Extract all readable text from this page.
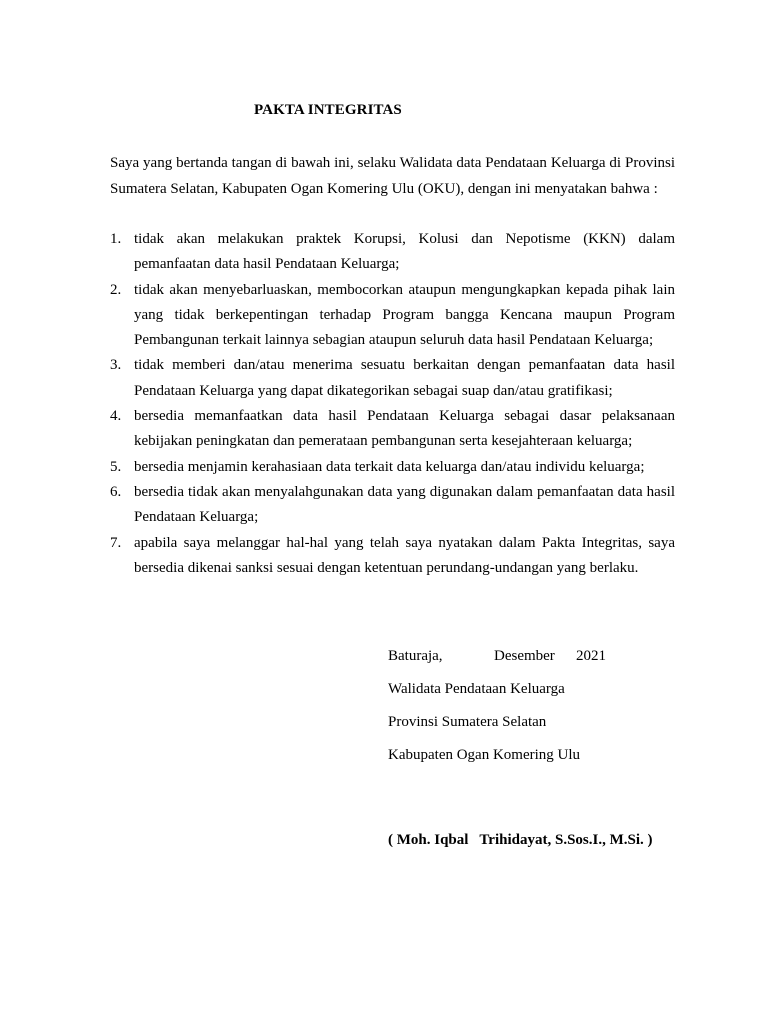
PAKTA INTEGRITAS
Saya yang bertanda tangan di bawah ini, selaku Walidata data Pendataan Keluarga di Provinsi Sumatera Selatan, Kabupaten Ogan Komering Ulu (OKU), dengan ini menyatakan bahwa :
1. tidak akan melakukan praktek Korupsi, Kolusi dan Nepotisme (KKN) dalam pemanfaatan data hasil Pendataan Keluarga;
2. tidak akan menyebarluaskan, membocorkan ataupun mengungkapkan kepada pihak lain yang tidak berkepentingan terhadap Program bangga Kencana maupun Program Pembangunan terkait lainnya sebagian ataupun seluruh data hasil Pendataan Keluarga;
3. tidak memberi dan/atau menerima sesuatu berkaitan dengan pemanfaatan data hasil Pendataan Keluarga yang dapat dikategorikan sebagai suap dan/atau gratifikasi;
4. bersedia memanfaatkan data hasil Pendataan Keluarga sebagai dasar pelaksanaan kebijakan peningkatan dan pemerataan pembangunan serta kesejahteraan keluarga;
5. bersedia menjamin kerahasiaan data terkait data keluarga dan/atau individu keluarga;
6. bersedia tidak akan menyalahgunakan data yang digunakan dalam pemanfaatan data hasil Pendataan Keluarga;
7. apabila saya melanggar hal-hal yang telah saya nyatakan dalam Pakta Integritas, saya bersedia dikenai sanksi sesuai dengan ketentuan perundang-undangan yang berlaku.
Baturaja,	Desember 2021
Walidata Pendataan Keluarga
Provinsi Sumatera Selatan
Kabupaten Ogan Komering Ulu
( Moh. Iqbal   Trihidayat, S.Sos.I., M.Si. )
